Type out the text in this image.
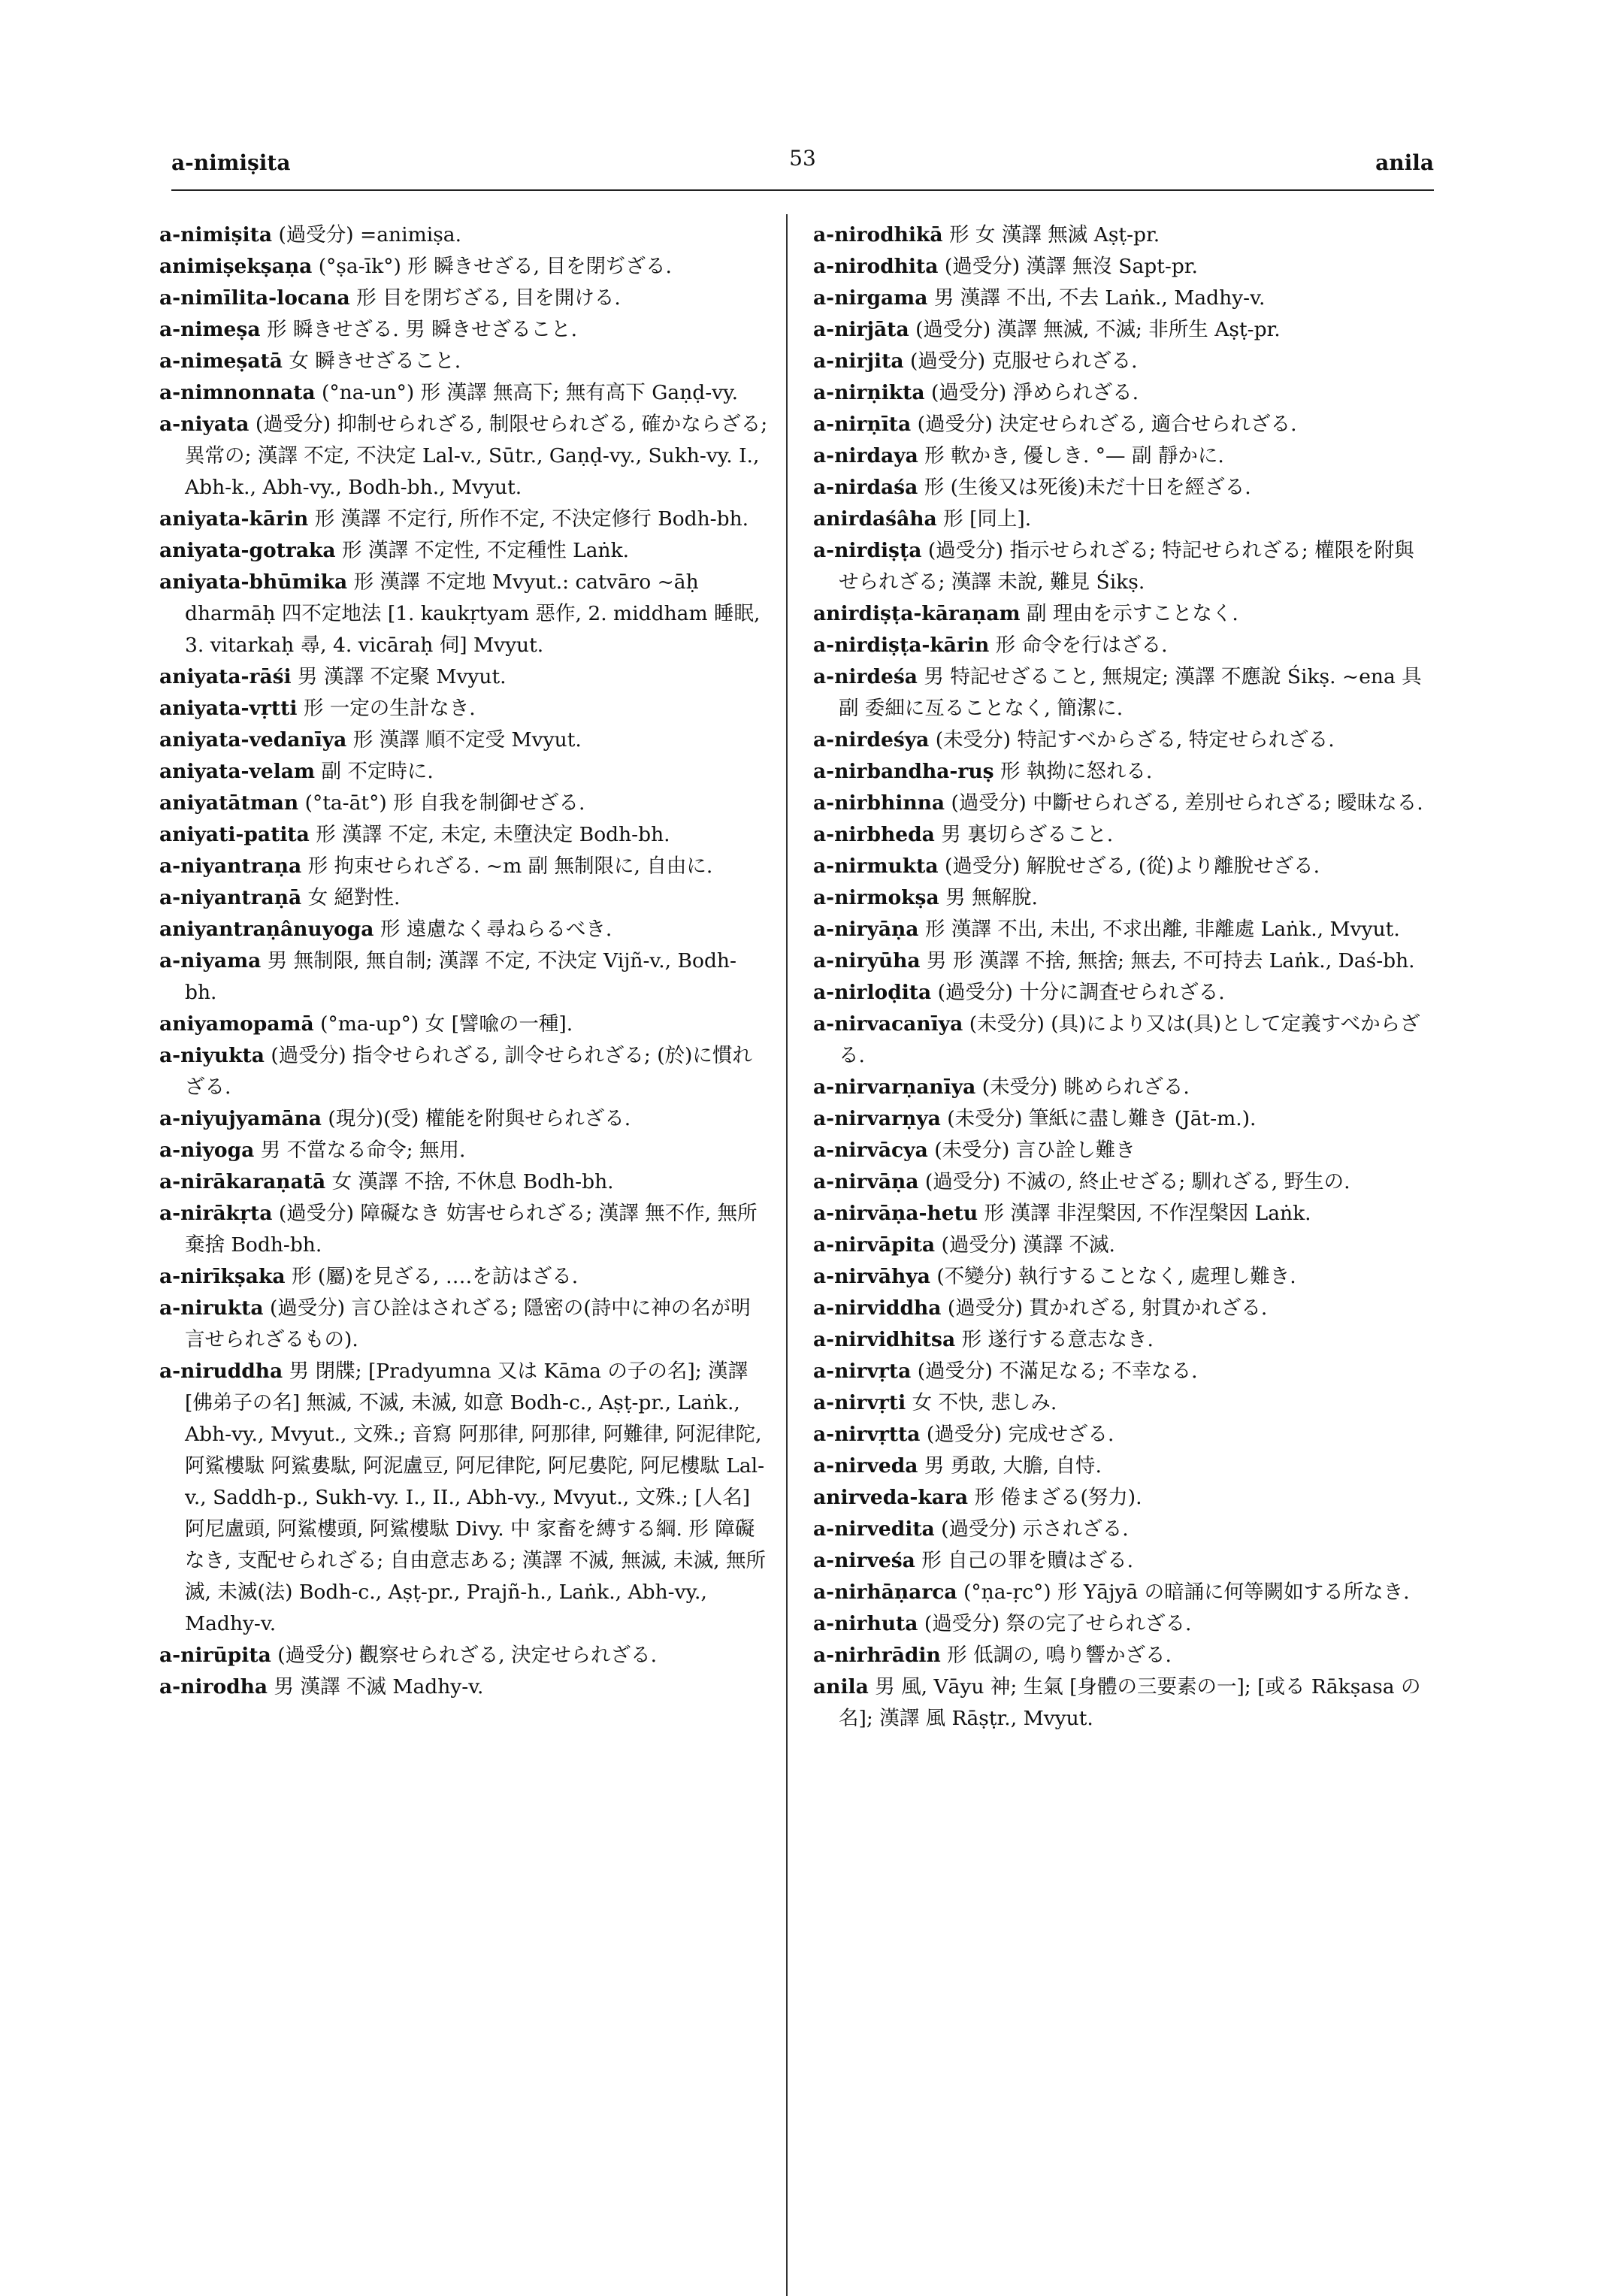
a-nimiṣita	53	anila

a-nimiṣita (過受分) =animiṣa.

animiṣekṣaṇa (°ṣa-īk°) 形 瞬きせざる, 目を閉ぢざる.

a-nimīlita-locana 形 目を閉ぢざる, 目を開ける.

a-nimeṣa 形 瞬きせざる. 男 瞬きせざること.

a-nimeṣatā 女 瞬きせざること.

a-nimnonnata (°na-un°) 形 漢譯 無高下; 無有高下 Gaṇḍ-vy.

a-niyata (過受分) 抑制せられざる, 制限せられざる, 確かならざる; 異常の; 漢譯 不定, 不決定 Lal-v., Sūtr., Gaṇḍ-vy., Sukh-vy. I., Abh-k., Abh-vy., Bodh-bh., Mvyut.

aniyata-kārin 形 漢譯 不定行, 所作不定, 不決定修行 Bodh-bh.

aniyata-gotraka 形 漢譯 不定性, 不定種性 Laṅk.

aniyata-bhūmika 形 漢譯 不定地 Mvyut.: catvāro ~āḥ dharmāḥ 四不定地法 [1. kaukṛtyam 惡作, 2. middham 睡眠, 3. vitarkaḥ 尋, 4. vicāraḥ 伺] Mvyut.

aniyata-rāśi 男 漢譯 不定聚 Mvyut.

aniyata-vṛtti 形 一定の生計なき.

aniyata-vedanīya 形 漢譯 順不定受 Mvyut.

aniyata-velam 副 不定時に.

aniyatātman (°ta-āt°) 形 自我を制御せざる.

aniyati-patita 形 漢譯 不定, 未定, 未墮決定 Bodh-bh.

a-niyantraṇa 形 拘束せられざる. ~m 副 無制限に, 自由に.

a-niyantraṇā 女 絕對性.

aniyantraṇânuyoga 形 遠慮なく尋ねらるべき.

a-niyama 男 無制限, 無自制; 漢譯 不定, 不決定 Vijñ-v., Bodh-bh.

aniyamopamā (°ma-up°) 女 [譬喩の一種].

a-niyukta (過受分) 指令せられざる, 訓令せられざる; (於)に慣れざる.

a-niyujyamāna (現分)(受) 權能を附與せられざる.

a-niyoga 男 不當なる命令; 無用.

a-nirākaraṇatā 女 漢譯 不捨, 不休息 Bodh-bh.

a-nirākṛta (過受分) 障礙なき 妨害せられざる; 漢譯 無不作, 無所棄捨 Bodh-bh.

a-nirīkṣaka 形 (屬)を見ざる, ‥‥を訪はざる.

a-nirukta (過受分) 言ひ詮はされざる; 隱密の(詩中に神の名が明言せられざるもの).

a-niruddha 男 閉牒; [Pradyumna 又は Kāma の子の名]; 漢譯 [佛弟子の名] 無滅, 不滅, 未滅, 如意 Bodh-c., Aṣṭ-pr., Laṅk., Abh-vy., Mvyut., 文殊.; 音寫 阿那律, 阿那律, 阿難律, 阿泥律陀, 阿鯊樓駄 阿鯊婁駄, 阿泥盧豆, 阿尼律陀, 阿尼婁陀, 阿尼樓駄 Lal-v., Saddh-p., Sukh-vy. I., II., Abh-vy., Mvyut., 文殊.; [人名] 阿尼盧頭, 阿鯊樓頭, 阿鯊樓駄 Divy. 中 家畜を縛する綱. 形 障礙なき, 支配せられざる; 自由意志ある; 漢譯 不滅, 無滅, 未滅, 無所滅, 未滅(法) Bodh-c., Aṣṭ-pr., Prajñ-h., Laṅk., Abh-vy., Madhy-v.

a-nirūpita (過受分) 觀察せられざる, 決定せられざる.

a-nirodha 男 漢譯 不滅 Madhy-v.

a-nirodhikā 形 女 漢譯 無滅 Aṣṭ-pr.

a-nirodhita (過受分) 漢譯 無沒 Sapt-pr.

a-nirgama 男 漢譯 不出, 不去 Laṅk., Madhy-v.

a-nirjāta (過受分) 漢譯 無滅, 不滅; 非所生 Aṣṭ-pr.

a-nirjita (過受分) 克服せられざる.

a-nirṇikta (過受分) 淨められざる.

a-nirṇīta (過受分) 決定せられざる, 適合せられざる.

a-nirdaya 形 軟かき, 優しき. °— 副 靜かに.

a-nirdaśa 形 (生後又は死後)未だ十日を經ざる.

anirdaśâha 形 [同上].

a-nirdiṣṭa (過受分) 指示せられざる; 特記せられざる; 權限を附與せられざる; 漢譯 未說, 難見 Śikṣ.

anirdiṣṭa-kāraṇam 副 理由を示すことなく.

a-nirdiṣṭa-kārin 形 命令を行はざる.

a-nirdeśa 男 特記せざること, 無規定; 漢譯 不應說 Śikṣ. ~ena 具 副 委細に亙ることなく, 簡潔に.

a-nirdeśya (未受分) 特記すべからざる, 特定せられざる.

a-nirbandha-ruṣ 形 執拗に怒れる.

a-nirbhinna (過受分) 中斷せられざる, 差別せられざる; 曖昧なる.

a-nirbheda 男 裏切らざること.

a-nirmukta (過受分) 解脫せざる, (從)より離脫せざる.

a-nirmokṣa 男 無解脫.

a-niryāṇa 形 漢譯 不出, 未出, 不求出離, 非離處 Laṅk., Mvyut.

a-niryūha 男 形 漢譯 不捨, 無捨; 無去, 不可持去 Laṅk., Daś-bh.

a-nirloḍita (過受分) 十分に調査せられざる.

a-nirvacanīya (未受分) (具)により又は(具)として定義すべからざる.

a-nirvarṇanīya (未受分) 眺められざる.

a-nirvarṇya (未受分) 筆紙に盡し難き (Jāt-m.).

a-nirvācya (未受分) 言ひ詮し難き

a-nirvāṇa (過受分) 不滅の, 終止せざる; 馴れざる, 野生の.

a-nirvāṇa-hetu 形 漢譯 非涅槃因, 不作涅槃因 Laṅk.

a-nirvāpita (過受分) 漢譯 不滅.

a-nirvāhya (不變分) 執行することなく, 處理し難き.

a-nirviddha (過受分) 貫かれざる, 射貫かれざる.

a-nirvidhitsa 形 遂行する意志なき.

a-nirvṛta (過受分) 不滿足なる; 不幸なる.

a-nirvṛti 女 不快, 悲しみ.

a-nirvṛtta (過受分) 完成せざる.

a-nirveda 男 勇敢, 大膽, 自恃.

anirveda-kara 形 倦まざる(努力).

a-nirvedita (過受分) 示されざる.

a-nirveśa 形 自己の罪を贖はざる.

a-nirhāṇarca (°ṇa-ṛc°) 形 Yājyā の暗誦に何等闕如する所なき.

a-nirhuta (過受分) 祭の完了せられざる.

a-nirhrādin 形 低調の, 鳴り響かざる.

anila 男 風, Vāyu 神; 生氣 [身體の三要素の一]; [或る Rākṣasa の名]; 漢譯 風 Rāṣṭr., Mvyut.
